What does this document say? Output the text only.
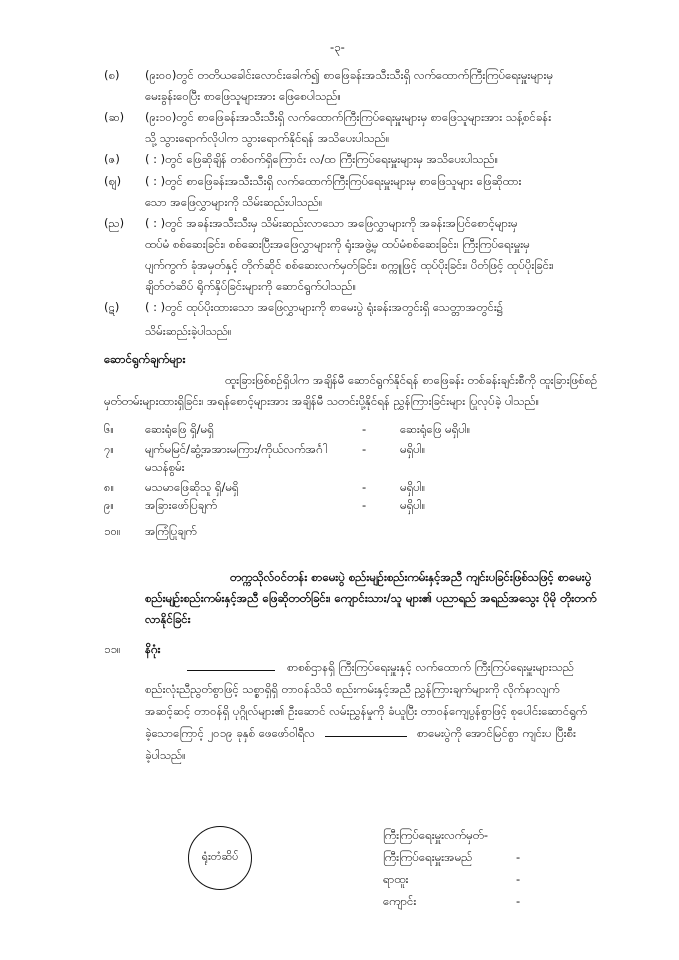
-၃-
(စ) (၉း၀၀)တွင် တတိယခေါင်းလောင်းခေါက်၍ စာဖြေခန်းအသီးသီးရှိ လက်ထောက်ကြီးကြပ်ရေးမှူးများမှ
မေးခွန်းဝေပြီး စာဖြေသူများအား ဖြေစေပါသည်။
(ဆ) (၉း၁၀)တွင် စာဖြေခန်းအသီးသီးရှိ လက်ထောက်ကြီးကြပ်ရေးမှူးများမှ စာဖြေသူများအား သန့်စင်ခန်း
သို့ သွားရောက်လိုပါက သွားရောက်နိုင်ရန် အသိပေးပါသည်။
(ဇ) ( : )တွင် ဖြေဆိုချိန် တစ်ဝက်ရှိကြောင်း လ/ထ ကြီးကြပ်ရေးမှူးများမှ အသိပေးပါသည်။
(ဈ) ( : )တွင် စာဖြေခန်းအသီးသီးရှိ လက်ထောက်ကြီးကြပ်ရေးမှူးများမှ စာဖြေသူများ ဖြေဆိုထား
သော အဖြေလွှာများကို သိမ်းဆည်းပါသည်။
(ည) ( : )တွင် အခန်းအသီးသီးမှ သိမ်းဆည်းလာသော အဖြေလွှာများကို အခန်းအပြင်စောင့်များမှ
ထပ်မံ စစ်ဆေးခြင်း၊ စစ်ဆေးပြီးအဖြေလွှာများကို ရုံးအဖွဲ့မှ ထပ်မံစစ်ဆေးခြင်း၊ ကြီးကြပ်ရေးမှူးမှ
ပျက်ကွက် ခုံအမှတ်နှင့် တိုက်ဆိုင် စစ်ဆေးလက်မှတ်ခြင်း၊ စက္ကူဖြင့် ထုပ်ပိုးခြင်း၊ ပိတ်ဖြင့် ထုပ်ပိုးခြင်း၊
ချိတ်တံဆိပ် ရိုက်နှိပ်ခြင်းများကို ဆောင်ရွက်ပါသည်။
(ဋ) ( : )တွင် ထုပ်ပိုးထားသော အဖြေလွှာများကို စာမေးပွဲ ရုံးခန်းအတွင်းရှိ သေတ္တာအတွင်း၌
သိမ်းဆည်းခဲ့ပါသည်။
ဆောင်ရွက်ချက်များ
ထူးခြားဖြစ်စဉ်ရှိပါက အချိန်မီ ဆောင်ရွက်နိုင်ရန် စာဖြေခန်း တစ်ခန်းချင်းစီကို ထူးခြားဖြစ်စဉ်
မှတ်တမ်းများထားရှိခြင်း၊ အရန်စောင့်များအား အချိန်မီ သတင်းပို့နိုင်ရန် ညွှန်ကြားခြင်းများ ပြုလုပ်ခဲ့ ပါသည်။
၆။	ဆေးရုံဖြေ ရှိ/မရှိ	-	ဆေးရုံဖြေ မရှိပါ။
၇။	မျက်မမြင်/ဆွံ့အအားမကြား/ကိုယ်လက်အင်္ဂါ	-	မရှိပါ။
မသန်စွမ်း
၈။	မသမာဖြေဆိုသူ ရှိ/မရှိ	-	မရှိပါ။
၉။	အခြားဖော်ပြချက်	-	မရှိပါ။
၁၀။ အကြံပြုချက်
တက္ကသိုလ်ဝင်တန်း စာမေးပွဲ စည်းမျဉ်းစည်းကမ်းနှင့်အညီ ကျင်းပခြင်းဖြစ်သဖြင့် စာမေးပွဲ
စည်းမျဉ်းစည်းကမ်းနှင့်အညီ ဖြေဆိုတတ်ခြင်း၊ ကျောင်းသား/သူ များ၏ ပညာရည် အရည်အသွေး ပိုမို တိုးတက်
လာနိုင်ခြင်း
၁၁။ နိဂုံး
စာစစ်ဌာနရှိ ကြီးကြပ်ရေးမှူးနှင့် လက်ထောက် ကြီးကြပ်ရေးမှူးများသည်
စည်းလုံးညီညွတ်စွာဖြင့် သစ္စာရှိရှိ တာဝန်သိသိ စည်းကမ်းနှင့်အညီ ညွှန်ကြားချက်များကို လိုက်နာလျက်
အဆင့်ဆင့် တာဝန်ရှိ ပုဂ္ဂိုလ်များ၏ ဦးဆောင် လမ်းညွှန်မှုကို ခံယူပြီး တာဝန်ကျေပွန်စွာဖြင့် စုပေါင်းဆောင်ရွက်
ခဲ့သောကြောင့် ၂၀၁၉ ခုနှစ် ဖေဖော်ဝါရီလ	စာမေးပွဲကို အောင်မြင်စွာ ကျင်းပ ပြီးစီး
ခဲ့ပါသည်။
ရုံးတံဆိပ်
ကြီးကြပ်ရေးမှူးလက်မှတ်-
ကြီးကြပ်ရေးမှူးအမည်	-
ရာထူး	-
ကျောင်း	-
